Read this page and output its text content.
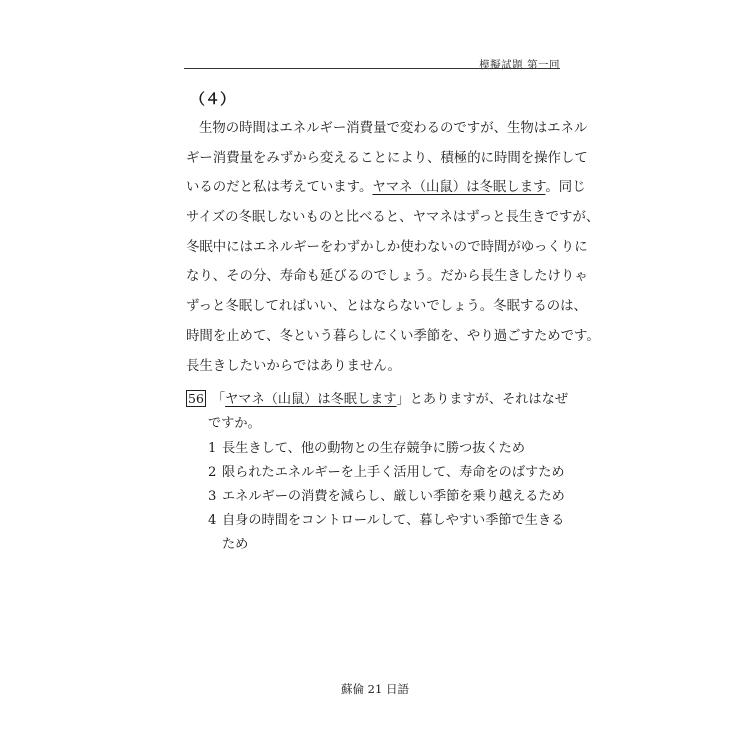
模擬試題 第一回
（４）
生物の時間はエネルギー消費量で変わるのですが、生物はエネル
ギー消費量をみずから変えることにより、積極的に時間を操作して
いるのだと私は考えています。ヤマネ（山鼠）は冬眠します。同じ
サイズの冬眠しないものと比べると、ヤマネはずっと長生きですが、
冬眠中にはエネルギーをわずかしか使わないので時間がゆっくりに
なり、その分、寿命も延びるのでしょう。だから長生きしたけりゃ
ずっと冬眠してればいい、とはならないでしょう。冬眠するのは、
時間を止めて、冬という暮らしにくい季節を、やり過ごすためです。
長生きしたいからではありません。
56 「ヤマネ（山鼠）は冬眠します」とありますが、それはなぜ
ですか。
1 長生きして、他の動物との生存競争に勝つ抜くため
2 限られたエネルギーを上手く活用して、寿命をのばすため
3 エネルギーの消費を減らし、厳しい季節を乗り越えるため
4 自身の時間をコントロールして、暮しやすい季節で生きる
ため
蘇倫 21 日語
